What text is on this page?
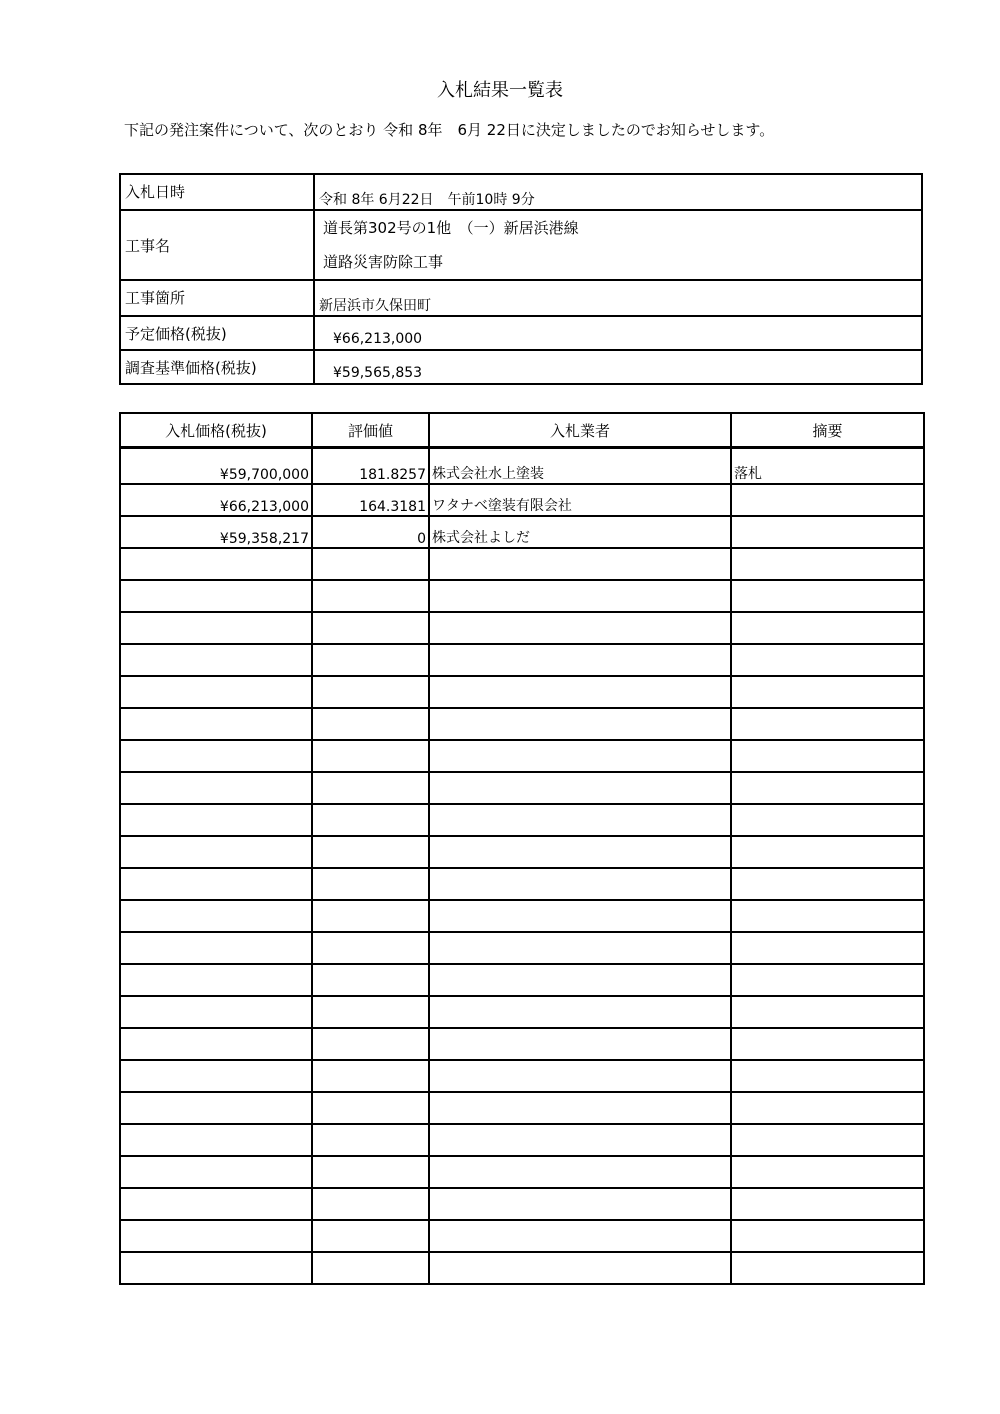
入札結果一覧表
下記の発注案件について、次のとおり 令和 8年　6月 22日に決定しましたのでお知らせします。
入札日時	令和 8年 6月22日　午前10時 9分
工事名	道長第302号の1他　（一）新居浜港線
道路災害防除工事

工事箇所	新居浜市久保田町
予定価格(税抜)	¥66,213,000
調査基準価格(税抜)	¥59,565,853
入札価格(税抜)	評価値	入札業者	摘要
¥59,700,000	181.8257	株式会社水上塗装	落札
¥66,213,000	164.3181	ワタナベ塗装有限会社	
¥59,358,217	0	株式会社よしだ	
